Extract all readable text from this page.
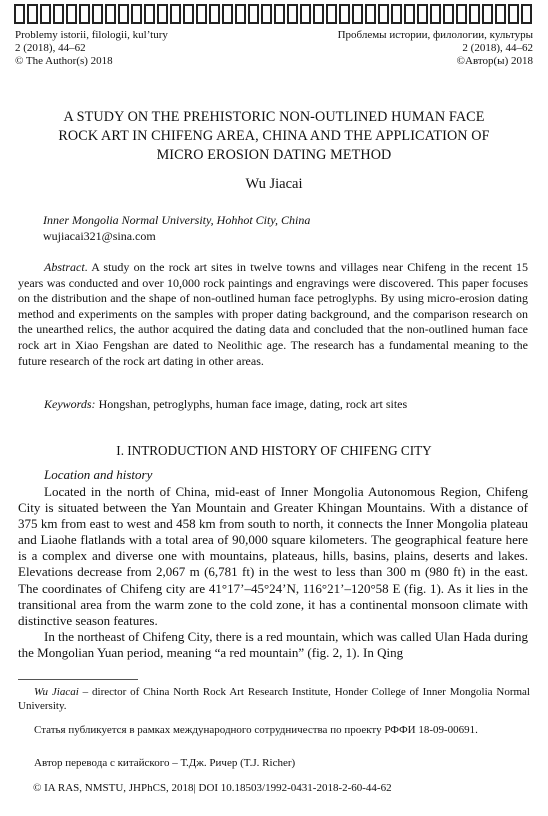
Problemy istorii, filologii, kul’tury
2 (2018), 44–62
© The Author(s) 2018
Проблемы истории, филологии, культуры
2 (2018), 44–62
©Автор(ы) 2018
A STUDY ON THE PREHISTORIC NON-OUTLINED HUMAN FACE
ROCK ART IN CHIFENG AREA, CHINA AND THE APPLICATION OF
MICRO EROSION DATING METHOD
Wu Jiacai
Inner Mongolia Normal University, Hohhot City, China
wujiacai321@sina.com
Abstract. A study on the rock art sites in twelve towns and villages near Chifeng in the recent 15 years was conducted and over 10,000 rock paintings and engravings were discovered. This paper focuses on the distribution and the shape of non-outlined human face petroglyphs. By using micro-erosion dating method and experiments on the samples with proper dating background, and the comparison research on the unearthed relics, the author acquired the dating data and concluded that the non-outlined human face rock art in Xiao Fengshan are dated to Neolithic age. The research has a fundamental meaning to the future research of the rock art dating in other areas.
Keywords: Hongshan, petroglyphs, human face image, dating, rock art sites
I. INTRODUCTION AND HISTORY OF CHIFENG CITY
Location and history

Located in the north of China, mid-east of Inner Mongolia Autonomous Region, Chifeng City is situated between the Yan Mountain and Greater Khingan Mountains. With a distance of 375 km from east to west and 458 km from south to north, it connects the Inner Mongolia plateau and Liaohe flatlands with a total area of 90,000 square kilometers. The geographical feature here is a complex and diverse one with mountains, plateaus, hills, basins, plains, deserts and lakes. Elevations decrease from 2,067 m (6,781 ft) in the west to less than 300 m (980 ft) in the east. The coordinates of Chifeng city are 41°17’–45°24’N, 116°21’–120°58 E (fig. 1). As it lies in the transitional area from the warm zone to the cold zone, it has a continental monsoon climate with distinctive season features.

In the northeast of Chifeng City, there is a red mountain, which was called Ulan Hada during the Mongolian Yuan period, meaning “a red mountain” (fig. 2, 1). In Qing

Wu Jiacai – director of China North Rock Art Research Institute, Honder College of Inner Mongolia Normal University.
Статья публикуется в рамках международного сотрудничества по проекту РФФИ 18-09-00691.
Автор перевода с китайского – Т.Дж. Ричер (T.J. Richer)
© IA RAS, NMSTU, JHPhCS, 2018| DOI 10.18503/1992-0431-2018-2-60-44-62
